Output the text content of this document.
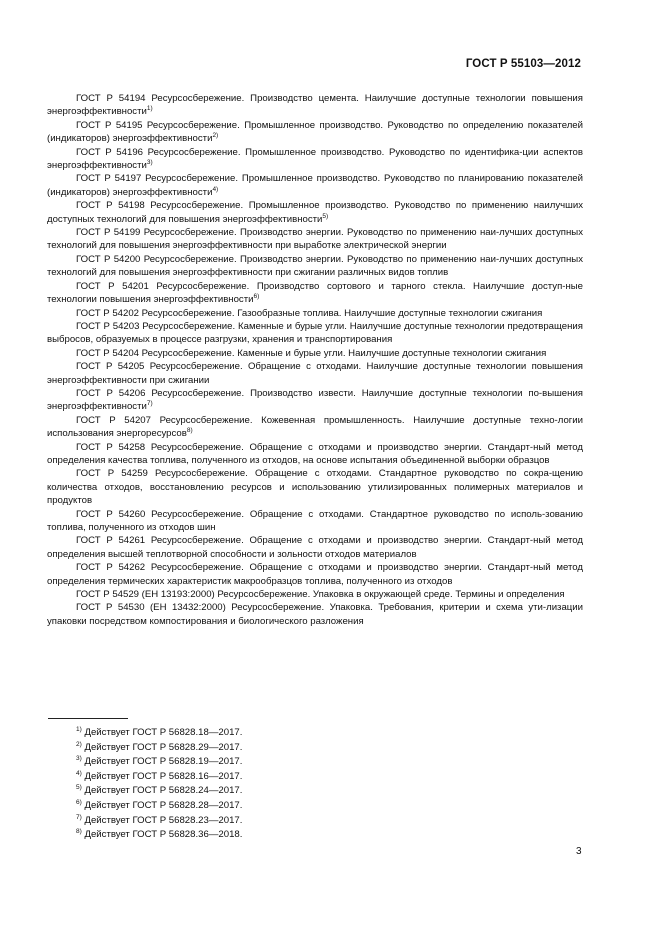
ГОСТ Р 55103—2012

ГОСТ Р 54194 Ресурсосбережение. Производство цемента. Наилучшие доступные технологии повышения энергоэффективности$^{1)}$

ГОСТ Р 54195 Ресурсосбережение. Промышленное производство. Руководство по определению показателей (индикаторов) энергоэффективности$^{2)}$

ГОСТ Р 54196 Ресурсосбережение. Промышленное производство. Руководство по идентифика-ции аспектов энергоэффективности$^{3)}$

ГОСТ Р 54197 Ресурсосбережение. Промышленное производство. Руководство по планированию показателей (индикаторов) энергоэффективности$^{4)}$

ГОСТ Р 54198 Ресурсосбережение. Промышленное производство. Руководство по применению наилучших доступных технологий для повышения энергоэффективности$^{5)}$

ГОСТ Р 54199 Ресурсосбережение. Производство энергии. Руководство по применению наи-лучших доступных технологий для повышения энергоэффективности при выработке электрической энергии

ГОСТ Р 54200 Ресурсосбережение. Производство энергии. Руководство по применению наи-лучших доступных технологий для повышения энергоэффективности при сжигании различных видов топлив

ГОСТ Р 54201 Ресурсосбережение. Производство сортового и тарного стекла. Наилучшие доступ-ные технологии повышения энергоэффективности$^{6)}$

ГОСТ Р 54202 Ресурсосбережение. Газообразные топлива. Наилучшие доступные технологии сжигания

ГОСТ Р 54203 Ресурсосбережение. Каменные и бурые угли. Наилучшие доступные технологии предотвращения выбросов, образуемых в процессе разгрузки, хранения и транспортирования

ГОСТ Р 54204 Ресурсосбережение. Каменные и бурые угли. Наилучшие доступные технологии сжигания

ГОСТ Р 54205 Ресурсосбережение. Обращение с отходами. Наилучшие доступные технологии повышения энергоэффективности при сжигании

ГОСТ Р 54206 Ресурсосбережение. Производство извести. Наилучшие доступные технологии по-вышения энергоэффективности$^{7)}$

ГОСТ Р 54207 Ресурсосбережение. Кожевенная промышленность. Наилучшие доступные техно-логии использования энергоресурсов$^{8)}$

ГОСТ Р 54258 Ресурсосбережение. Обращение с отходами и производство энергии. Стандарт-ный метод определения качества топлива, полученного из отходов, на основе испытания объединенной выборки образцов

ГОСТ Р 54259 Ресурсосбережение. Обращение с отходами. Стандартное руководство по сокра-щению количества отходов, восстановлению ресурсов и использованию утилизированных полимерных материалов и продуктов

ГОСТ Р 54260 Ресурсосбережение. Обращение с отходами. Стандартное руководство по исполь-зованию топлива, полученного из отходов шин

ГОСТ Р 54261 Ресурсосбережение. Обращение с отходами и производство энергии. Стандарт-ный метод определения высшей теплотворной способности и зольности отходов материалов

ГОСТ Р 54262 Ресурсосбережение. Обращение с отходами и производство энергии. Стандарт-ный метод определения термических характеристик макрообразцов топлива, полученного из отходов

ГОСТ Р 54529 (ЕН 13193:2000) Ресурсосбережение. Упаковка в окружающей среде. Термины и определения

ГОСТ Р 54530 (ЕН 13432:2000) Ресурсосбережение. Упаковка. Требования, критерии и схема ути-лизации упаковки посредством компостирования и биологического разложения

$^{1)}$ Действует ГОСТ Р 56828.18—2017.
$^{2)}$ Действует ГОСТ Р 56828.29—2017.
$^{3)}$ Действует ГОСТ Р 56828.19—2017.
$^{4)}$ Действует ГОСТ Р 56828.16—2017.
$^{5)}$ Действует ГОСТ Р 56828.24—2017.
$^{6)}$ Действует ГОСТ Р 56828.28—2017.
$^{7)}$ Действует ГОСТ Р 56828.23—2017.
$^{8)}$ Действует ГОСТ Р 56828.36—2018.
3
